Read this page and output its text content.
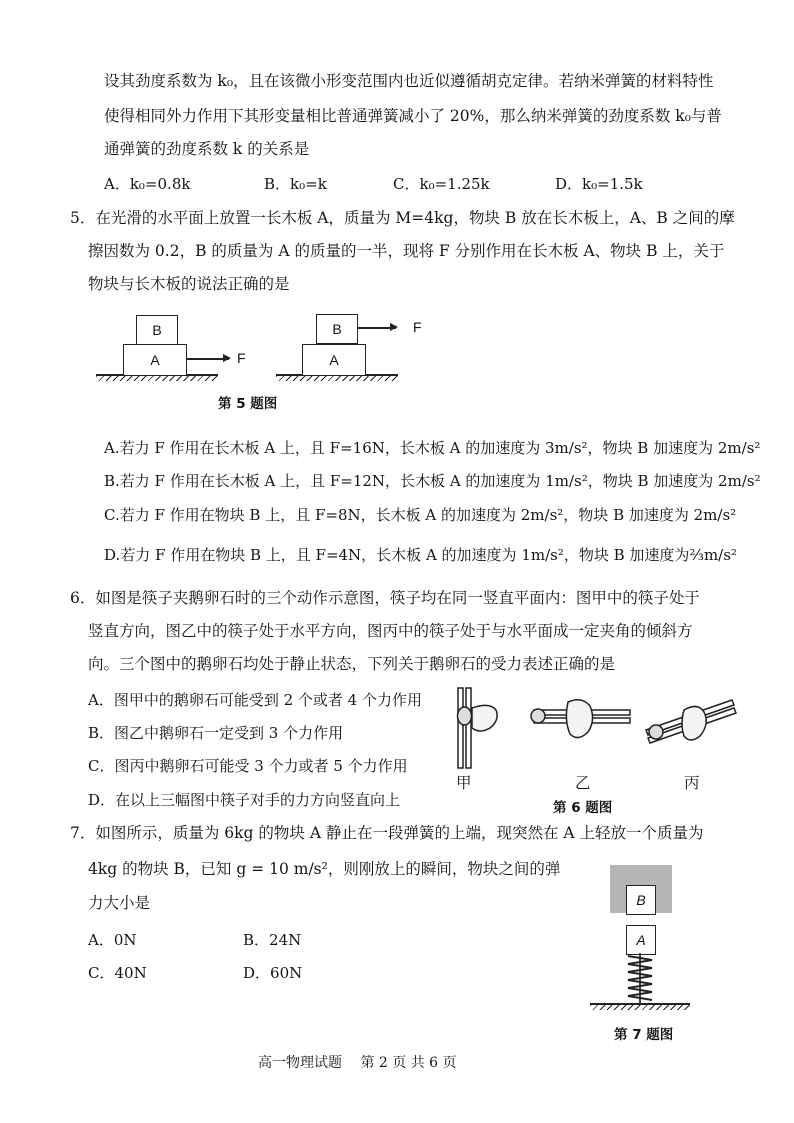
设其劲度系数为 k₀，且在该微小形变范围内也近似遵循胡克定律。若纳米弹簧的材料特性
使得相同外力作用下其形变量相比普通弹簧减小了 20%，那么纳米弹簧的劲度系数 k₀与普
通弹簧的劲度系数 k 的关系是
A．k₀=0.8k	B．k₀=k	C．k₀=1.25k	D．k₀=1.5k
5．在光滑的水平面上放置一长木板 A，质量为 M=4kg，物块 B 放在长木板上，A、B 之间的摩
擦因数为 0.2，B 的质量为 A 的质量的一半，现将 F 分别作用在长木板 A、物块 B 上，关于
物块与长木板的说法正确的是
A
B
F	A
B	F
第 5 题图
A.若力 F 作用在长木板 A 上，且 F=16N，长木板 A 的加速度为 3m/s²，物块 B 加速度为 2m/s²
B.若力 F 作用在长木板 A 上，且 F=12N，长木板 A 的加速度为 1m/s²，物块 B 加速度为 2m/s²
C.若力 F 作用在物块 B 上，且 F=8N，长木板 A 的加速度为 2m/s²，物块 B 加速度为 2m/s²
D.若力 F 作用在物块 B 上，且 F=4N，长木板 A 的加速度为 1m/s²，物块 B 加速度为⅔m/s²
6．如图是筷子夹鹅卵石时的三个动作示意图，筷子均在同一竖直平面内：图甲中的筷子处于
竖直方向，图乙中的筷子处于水平方向，图丙中的筷子处于与水平面成一定夹角的倾斜方
向。三个图中的鹅卵石均处于静止状态，下列关于鹅卵石的受力表述正确的是
A．图甲中的鹅卵石可能受到 2 个或者 4 个力作用
B．图乙中鹅卵石一定受到 3 个力作用
C．图丙中鹅卵石可能受 3 个力或者 5 个力作用
D．在以上三幅图中筷子对手的力方向竖直向上
甲	乙	丙
第 6 题图
7．如图所示，质量为 6kg 的物块 A 静止在一段弹簧的上端，现突然在 A 上轻放一个质量为
4kg 的物块 B，已知 g = 10 m/s²，则刚放上的瞬间，物块之间的弹
力大小是
A．0N	B．24N
C．40N	D．60N
B
A
第 7 题图
高一物理试题　 第 2 页 共 6 页
